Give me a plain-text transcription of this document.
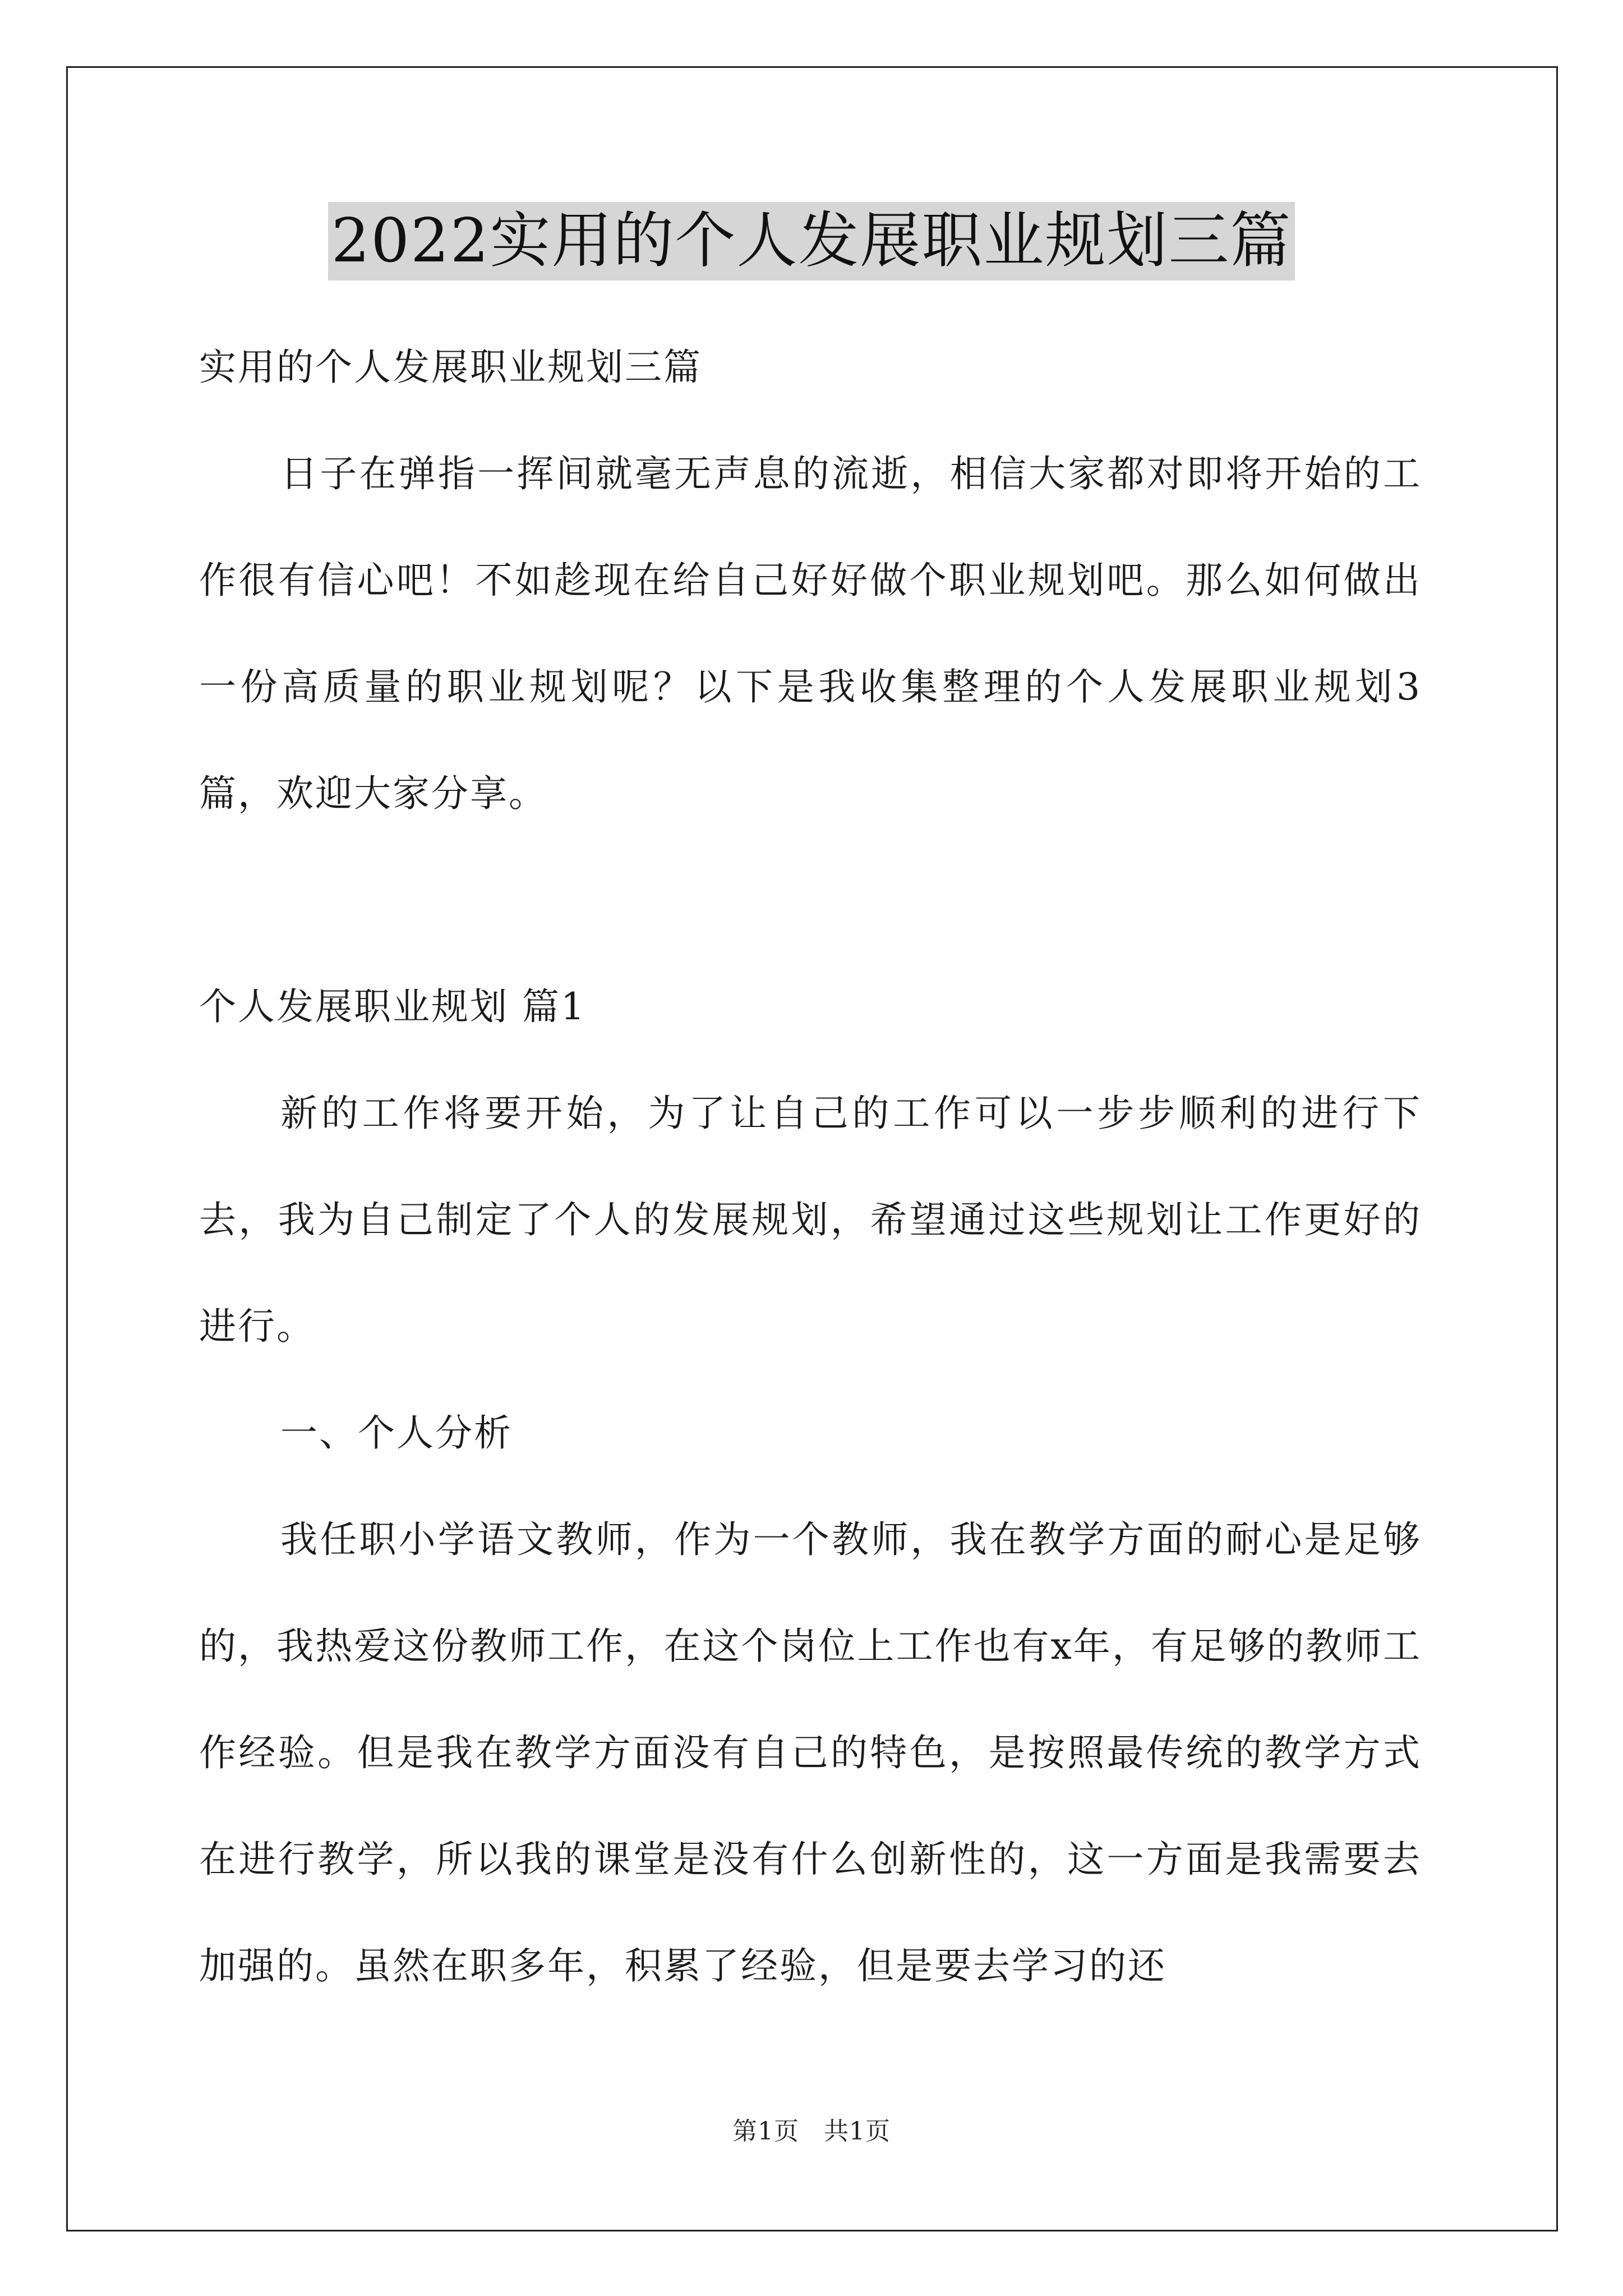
2022实用的个人发展职业规划三篇

实用的个人发展职业规划三篇

日子在弹指一挥间就毫无声息的流逝，相信大家都对即将开始的工作很有信心吧！不如趁现在给自己好好做个职业规划吧。那么如何做出一份高质量的职业规划呢？以下是我收集整理的个人发展职业规划3篇，欢迎大家分享。

个人发展职业规划 篇1

新的工作将要开始，为了让自己的工作可以一步步顺利的进行下去，我为自己制定了个人的发展规划，希望通过这些规划让工作更好的进行。

一、个人分析

我任职小学语文教师，作为一个教师，我在教学方面的耐心是足够的，我热爱这份教师工作，在这个岗位上工作也有x年，有足够的教师工作经验。但是我在教学方面没有自己的特色，是按照最传统的教学方式在进行教学，所以我的课堂是没有什么创新性的，这一方面是我需要去加强的。虽然在职多年，积累了经验，但是要去学习的还

第1页 共1页
